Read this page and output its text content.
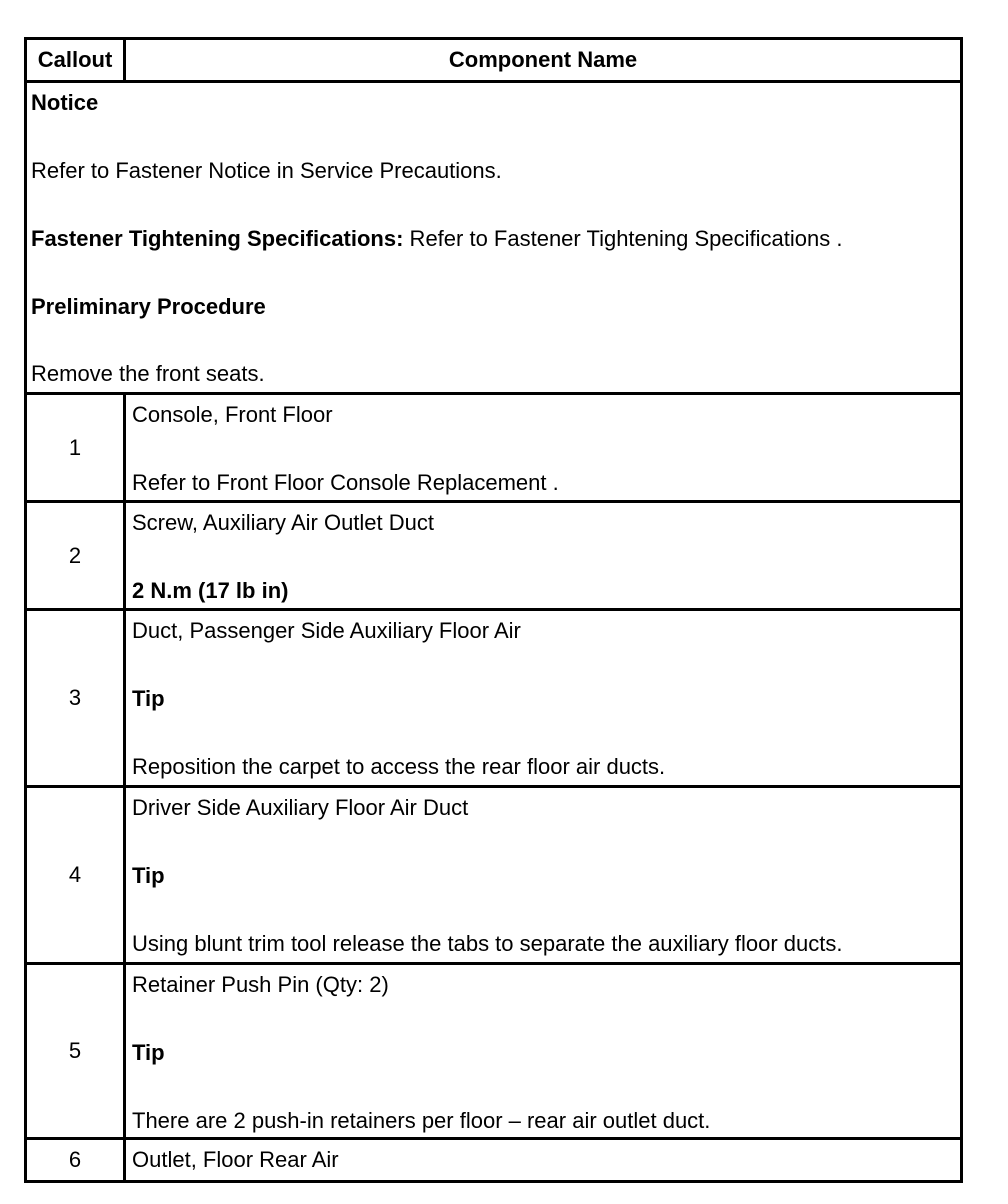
Callout	Component Name
Notice
Refer to Fastener Notice in Service Precautions.
Fastener Tightening Specifications: Refer to Fastener Tightening Specifications .
Preliminary Procedure
Remove the front seats.
1
Console, Front Floor
Refer to Front Floor Console Replacement .
2
Screw, Auxiliary Air Outlet Duct
2 N.m (17 lb in)
3
Duct, Passenger Side Auxiliary Floor Air
Tip
Reposition the carpet to access the rear floor air ducts.
4
Driver Side Auxiliary Floor Air Duct
Tip
Using blunt trim tool release the tabs to separate the auxiliary floor ducts.
5
Retainer Push Pin (Qty: 2)
Tip
There are 2 push-in retainers per floor – rear air outlet duct.
6	Outlet, Floor Rear Air
